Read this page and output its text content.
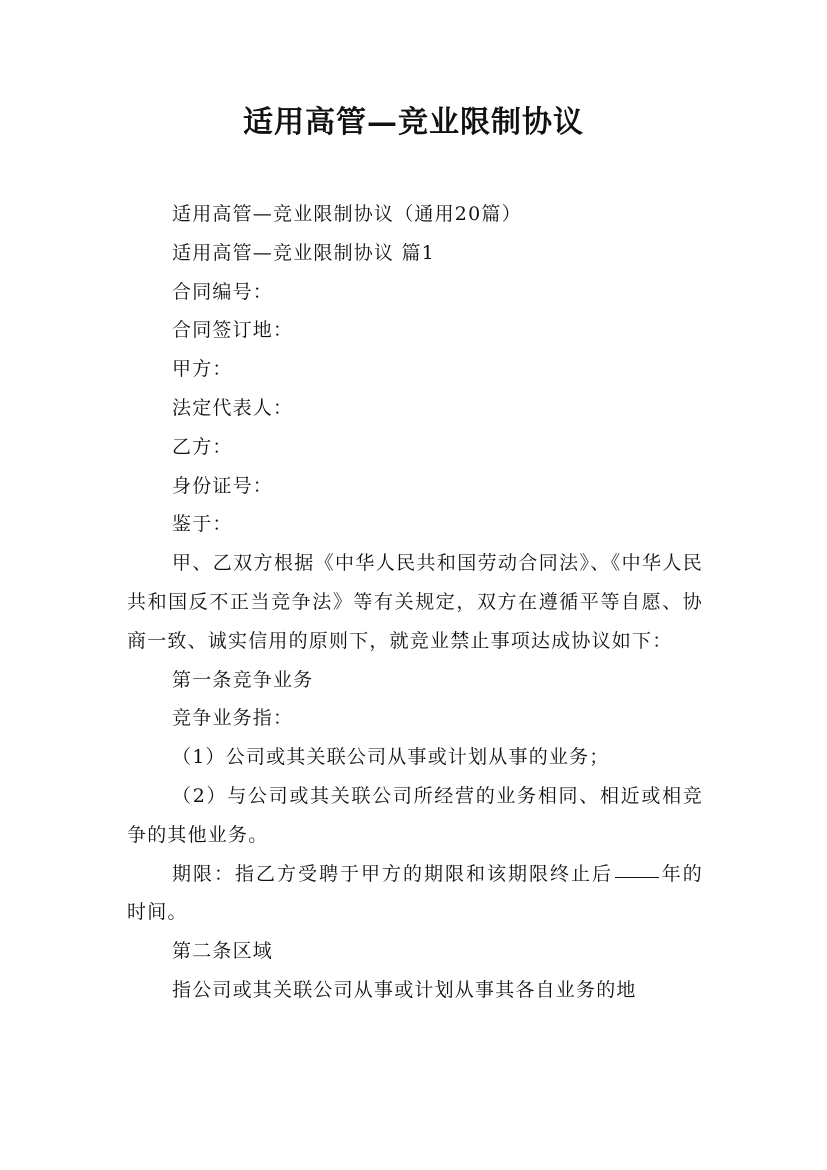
适用高管—竞业限制协议

适用高管—竞业限制协议（通用20篇）

适用高管—竞业限制协议 篇1

合同编号：

合同签订地：

甲方：

法定代表人：

乙方：

身份证号：

鉴于：

甲、乙双方根据《中华人民共和国劳动合同法》、《中华人民共和国反不正当竞争法》等有关规定，双方在遵循平等自愿、协商一致、诚实信用的原则下，就竞业禁止事项达成协议如下：

第一条竞争业务

竞争业务指：

（1）公司或其关联公司从事或计划从事的业务；

（2）与公司或其关联公司所经营的业务相同、相近或相竞争的其他业务。

期限：指乙方受聘于甲方的期限和该期限终止后	年的时间。

第二条区域

指公司或其关联公司从事或计划从事其各自业务的地
